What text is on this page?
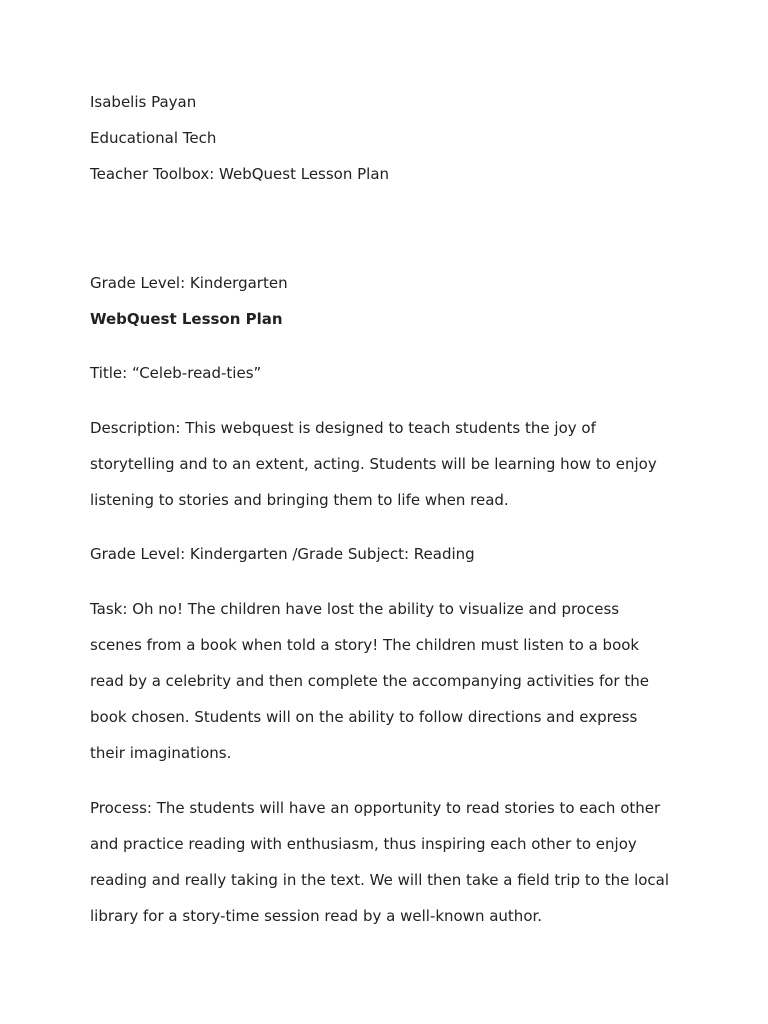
Isabelis Payan

Educational Tech

Teacher Toolbox: WebQuest Lesson Plan

Grade Level: Kindergarten

WebQuest Lesson Plan

Title: “Celeb-read-ties”

Description: This webquest is designed to teach students the joy of

storytelling and to an extent, acting. Students will be learning how to enjoy

listening to stories and bringing them to life when read.

Grade Level: Kindergarten /Grade Subject: Reading

Task: Oh no! The children have lost the ability to visualize and process

scenes from a book when told a story! The children must listen to a book

read by a celebrity and then complete the accompanying activities for the

book chosen. Students will on the ability to follow directions and express

their imaginations.

Process: The students will have an opportunity to read stories to each other

and practice reading with enthusiasm, thus inspiring each other to enjoy

reading and really taking in the text. We will then take a field trip to the local

library for a story-time session read by a well-known author.
